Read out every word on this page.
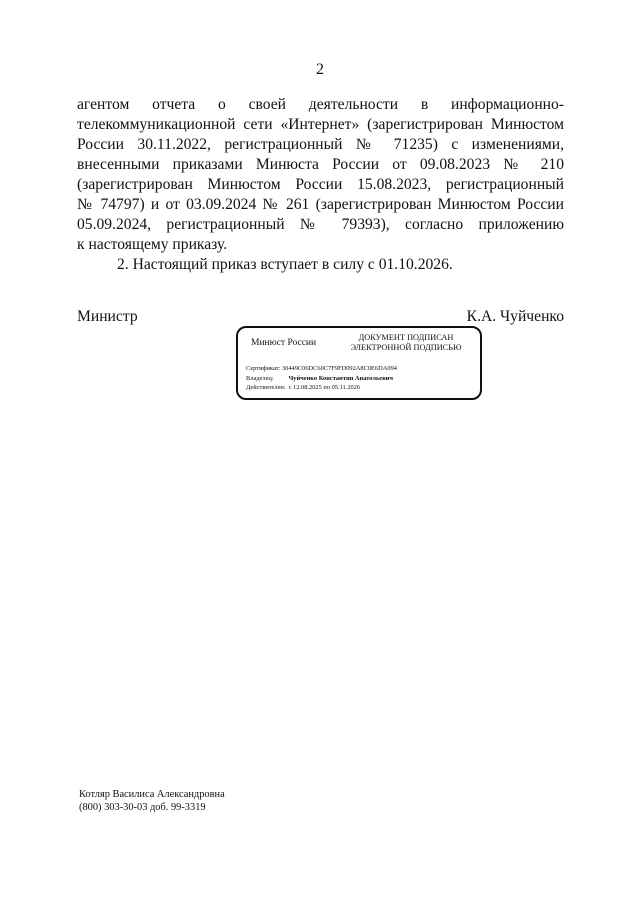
2
агентом отчета о своей деятельности в информационно-
телекоммуникационной сети «Интернет» (зарегистрирован Минюстом
России 30.11.2022, регистрационный № 71235) с изменениями,
внесенными приказами Минюста России от 09.08.2023 № 210
(зарегистрирован Минюстом России 15.08.2023, регистрационный
№ 74797) и от 03.09.2024 № 261 (зарегистрирован Минюстом России
05.09.2024, регистрационный № 79393), согласно приложению
к настоящему приказу.
2. Настоящий приказ вступает в силу с 01.10.2026.
Министр	К.А. Чуйченко
Минюст России
ДОКУМЕНТ ПОДПИСАН
ЭЛЕКТРОННОЙ ПОДПИСЬЮ
Сертификат: 30449C06DC60C7F9FD092A8C0E6DA094
Владелец: Чуйченко Константин Анатольевич
Действителен: с 12.08.2025 по 05.11.2026
Котляр Василиса Александровна
(800) 303-30-03 доб. 99-3319
